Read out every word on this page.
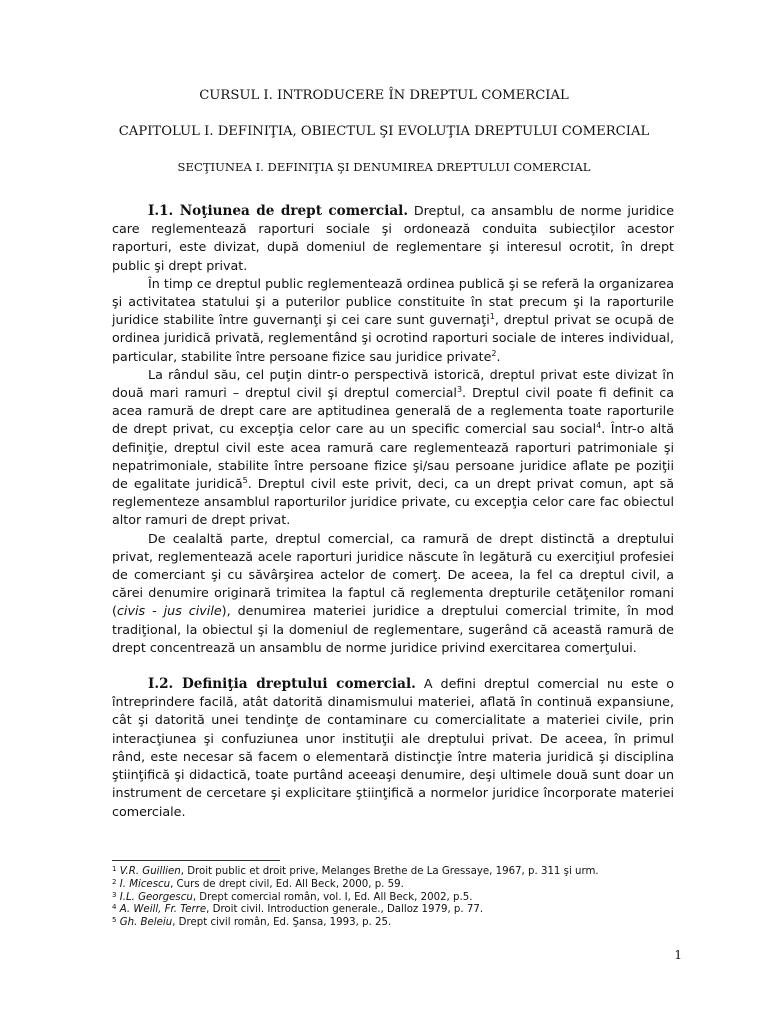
CURSUL I. INTRODUCERE ÎN DREPTUL COMERCIAL
CAPITOLUL I. DEFINIŢIA, OBIECTUL ŞI EVOLUŢIA DREPTULUI COMERCIAL
SECŢIUNEA I. DEFINIŢIA ŞI DENUMIREA DREPTULUI COMERCIAL

I.1. Noţiunea de drept comercial. Dreptul, ca ansamblu de norme juridice care reglementează raporturi sociale şi ordonează conduita subiecţilor acestor raporturi, este divizat, după domeniul de reglementare şi interesul ocrotit, în drept public şi drept privat.

În timp ce dreptul public reglementează ordinea publică şi se referă la organizarea şi activitatea statului şi a puterilor publice constituite în stat precum şi la raporturile juridice stabilite între guvernanţi şi cei care sunt guvernaţi$^1$, dreptul privat se ocupă de ordinea juridică privată, reglementând şi ocrotind raporturi sociale de interes individual, particular, stabilite între persoane fizice sau juridice private$^2$.

La rândul său, cel puţin dintr-o perspectivă istorică, dreptul privat este divizat în două mari ramuri – dreptul civil şi dreptul comercial$^3$. Dreptul civil poate fi definit ca acea ramură de drept care are aptitudinea generală de a reglementa toate raporturile de drept privat, cu excepţia celor care au un specific comercial sau social$^4$. Într-o altă definiţie, dreptul civil este acea ramură care reglementează raporturi patrimoniale şi nepatrimoniale, stabilite între persoane fizice şi/sau persoane juridice aflate pe poziţii de egalitate juridică$^5$. Dreptul civil este privit, deci, ca un drept privat comun, apt să reglementeze ansamblul raporturilor juridice private, cu excepţia celor care fac obiectul altor ramuri de drept privat.

De cealaltă parte, dreptul comercial, ca ramură de drept distinctă a dreptului privat, reglementează acele raporturi juridice născute în legătură cu exerciţiul profesiei de comerciant şi cu săvârşirea actelor de comerţ. De aceea, la fel ca dreptul civil, a cărei denumire originară trimitea la faptul că reglementa drepturile cetăţenilor romani (civis - jus civile), denumirea materiei juridice a dreptului comercial trimite, în mod tradiţional, la obiectul şi la domeniul de reglementare, sugerând că această ramură de drept concentrează un ansamblu de norme juridice privind exercitarea comerţului.

I.2. Definiţia dreptului comercial. A defini dreptul comercial nu este o întreprindere facilă, atât datorită dinamismului materiei, aflată în continuă expansiune, cât şi datorită unei tendinţe de contaminare cu comercialitate a materiei civile, prin interacţiunea şi confuziunea unor instituţii ale dreptului privat. De aceea, în primul rând, este necesar să facem o elementară distincţie între materia juridică şi disciplina ştiinţifică şi didactică, toate purtând aceeaşi denumire, deşi ultimele două sunt doar un instrument de cercetare şi explicitare ştiinţifică a normelor juridice încorporate materiei comerciale.

$^1$ V.R. Guillien, Droit public et droit prive, Melanges Brethe de La Gressaye, 1967, p. 311 şi urm.
$^2$ I. Micescu, Curs de drept civil, Ed. All Beck, 2000, p. 59.
$^3$ I.L. Georgescu, Drept comercial român, vol. I, Ed. All Beck, 2002, p.5.
$^4$ A. Weill, Fr. Terre, Droit civil. Introduction generale., Dalloz 1979, p. 77.
$^5$ Gh. Beleiu, Drept civil român, Ed. Şansa, 1993, p. 25.
1
